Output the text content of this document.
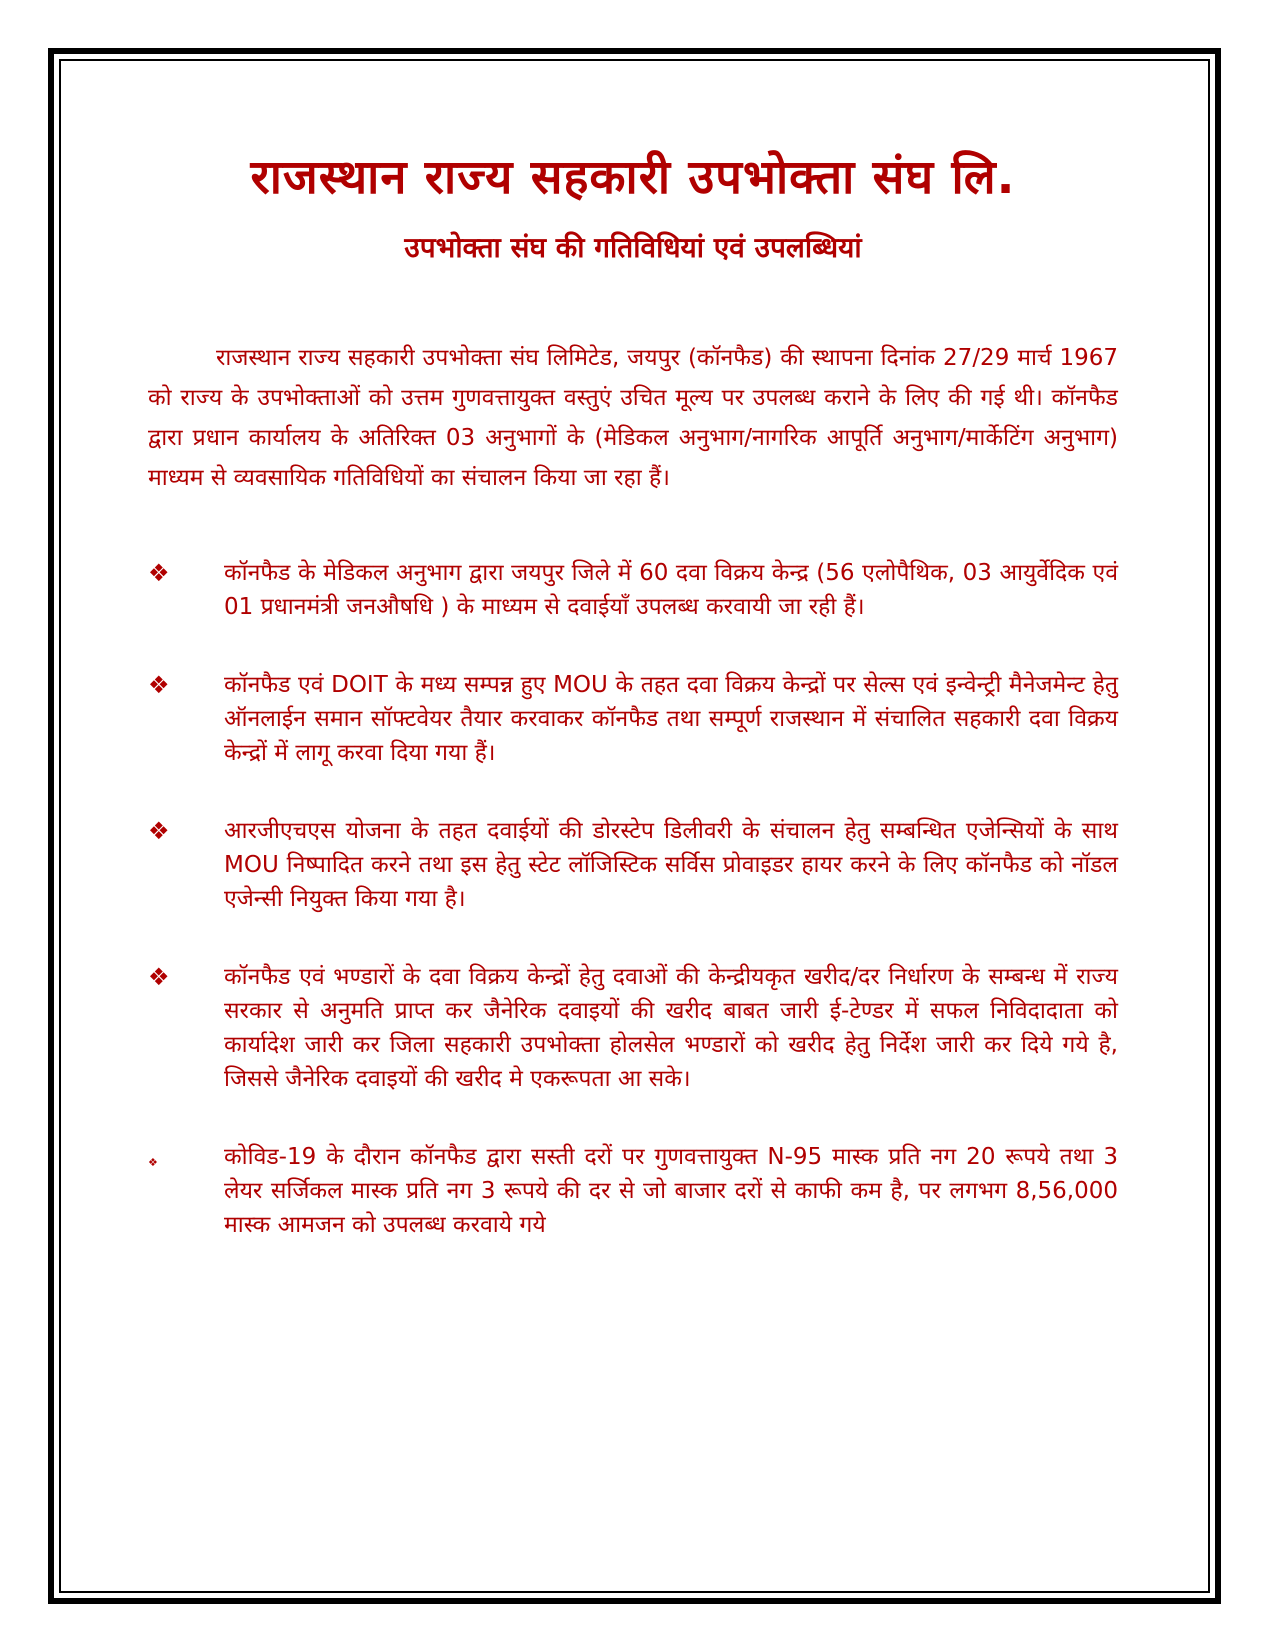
राजस्थान राज्य सहकारी उपभोक्ता संघ लि.
उपभोक्ता संघ की गतिविधियां एवं उपलब्धियां

राजस्थान राज्य सहकारी उपभोक्ता संघ लिमिटेड, जयपुर (कॉनफैड) की स्थापना दिनांक 27/29 मार्च 1967 को राज्य के उपभोक्ताओं को उत्तम गुणवत्तायुक्त वस्तुएं उचित मूल्य पर उपलब्ध कराने के लिए की गई थी। कॉनफैड द्वारा प्रधान कार्यालय के अतिरिक्त 03 अनुभागों के (मेडिकल अनुभाग/नागरिक आपूर्ति अनुभाग/मार्केटिंग अनुभाग) माध्यम से व्यवसायिक गतिविधियों का संचालन किया जा रहा हैं।

❖ कॉनफैड के मेडिकल अनुभाग द्वारा जयपुर जिले में 60 दवा विक्रय केन्द्र (56 एलोपैथिक, 03 आयुर्वेदिक एवं 01 प्रधानमंत्री जनऔषधि ) के माध्यम से दवाईयाँ उपलब्ध करवायी जा रही हैं।
❖ कॉनफैड एवं DOIT के मध्य सम्पन्न हुए MOU के तहत दवा विक्रय केन्द्रों पर सेल्स एवं इन्वेन्ट्री मैनेजमेन्ट हेतु ऑनलाईन समान सॉफ्टवेयर तैयार करवाकर कॉनफैड तथा सम्पूर्ण राजस्थान में संचालित सहकारी दवा विक्रय केन्द्रों में लागू करवा दिया गया हैं।
❖ आरजीएचएस योजना के तहत दवाईयों की डोरस्टेप डिलीवरी के संचालन हेतु सम्बन्धित एजेन्सियों के साथ MOU निष्पादित करने तथा इस हेतु स्टेट लॉजिस्टिक सर्विस प्रोवाइडर हायर करने के लिए कॉनफैड को नॉडल एजेन्सी नियुक्त किया गया है।
❖ कॉनफैड एवं भण्डारों के दवा विक्रय केन्द्रों हेतु दवाओं की केन्द्रीयकृत खरीद/दर निर्धारण के सम्बन्ध में राज्य सरकार से अनुमति प्राप्त कर जैनेरिक दवाइयों की खरीद बाबत जारी ई-टेण्डर में सफल निविदादाता को कार्यादेश जारी कर जिला सहकारी उपभोक्ता होलसेल भण्डारों को खरीद हेतु निर्देश जारी कर दिये गये है, जिससे जैनेरिक दवाइयों की खरीद मे एकरूपता आ सके।
❖	कोविड-19 के दौरान कॉनफैड द्वारा सस्ती दरों पर गुणवत्तायुक्त N-95 मास्क प्रति नग 20 रूपये तथा 3 लेयर सर्जिकल मास्क प्रति नग 3 रूपये की दर से जो बाजार दरों से काफी कम है, पर लगभग 8,56,000 मास्क आमजन को उपलब्ध करवाये गये
